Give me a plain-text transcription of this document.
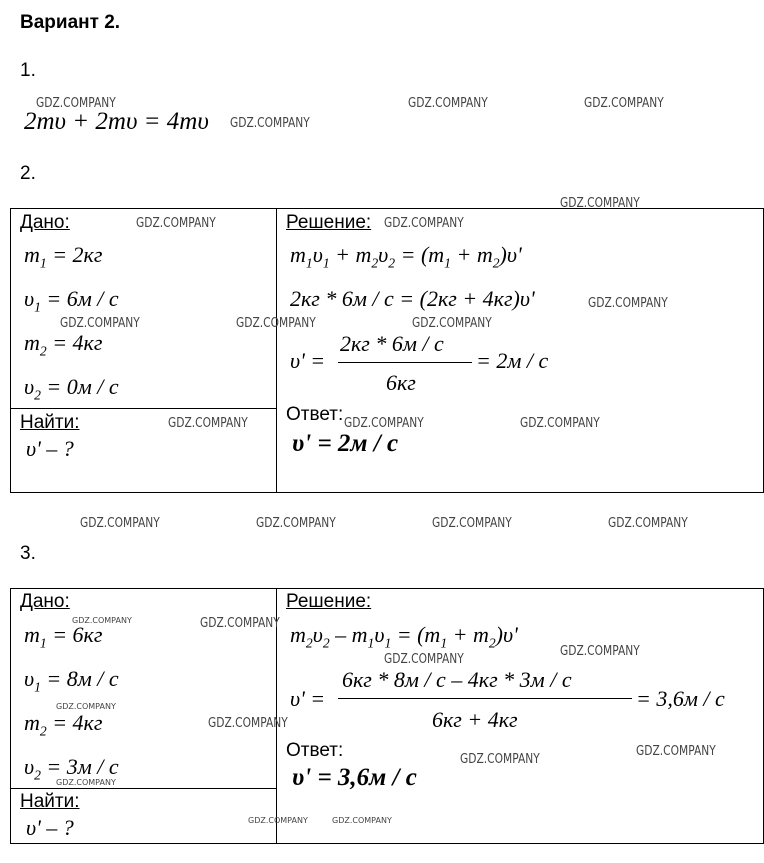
Вариант 2.
1.
2mυ + 2mυ = 4mυ
2.
Дано:
$m_1 = 2кг$
$\upsilon_1 = 6м / с$
$m_2 = 4кг$
$\upsilon_2 = 0м / с$
Найти:
υ' – ?
Решение:
$m_1\upsilon_1 + m_2\upsilon_2 = (m_1 + m_2)\upsilon'$
2кг * 6м / с = (2кг + 4кг)υ'
υ' =
2кг * 6м / с
6кг
= 2м / с
Ответ:
υ' = 2м / с
3.
Дано:
$m_1 = 6кг$
$\upsilon_1 = 8м / с$
$m_2 = 4кг$
$\upsilon_2 = 3м / с$
Найти:
υ' – ?
Решение:
$m_2\upsilon_2 - m_1\upsilon_1 = (m_1 + m_2)\upsilon'$
υ' =
6кг * 8м / с – 4кг * 3м / с
6кг + 4кг
= 3,6м / с
Ответ:
υ' = 3,6м / с
GDZ.COMPANY
GDZ.COMPANY
GDZ.COMPANY	GDZ.COMPANY
GDZ.COMPANY
GDZ.COMPANY	GDZ.COMPANY
GDZ.COMPANY
GDZ.COMPANY	GDZ.COMPANY	GDZ.COMPANY
GDZ.COMPANY	GDZ.COMPANY	GDZ.COMPANY
GDZ.COMPANY	GDZ.COMPANY	GDZ.COMPANY	GDZ.COMPANY
GDZ.COMPANY	GDZ.COMPANY
GDZ.COMPANY
GDZ.COMPANY
GDZ.COMPANY
GDZ.COMPANY
GDZ.COMPANY
GDZ.COMPANY
GDZ.COMPANY
GDZ.COMPANY	GDZ.COMPANY
